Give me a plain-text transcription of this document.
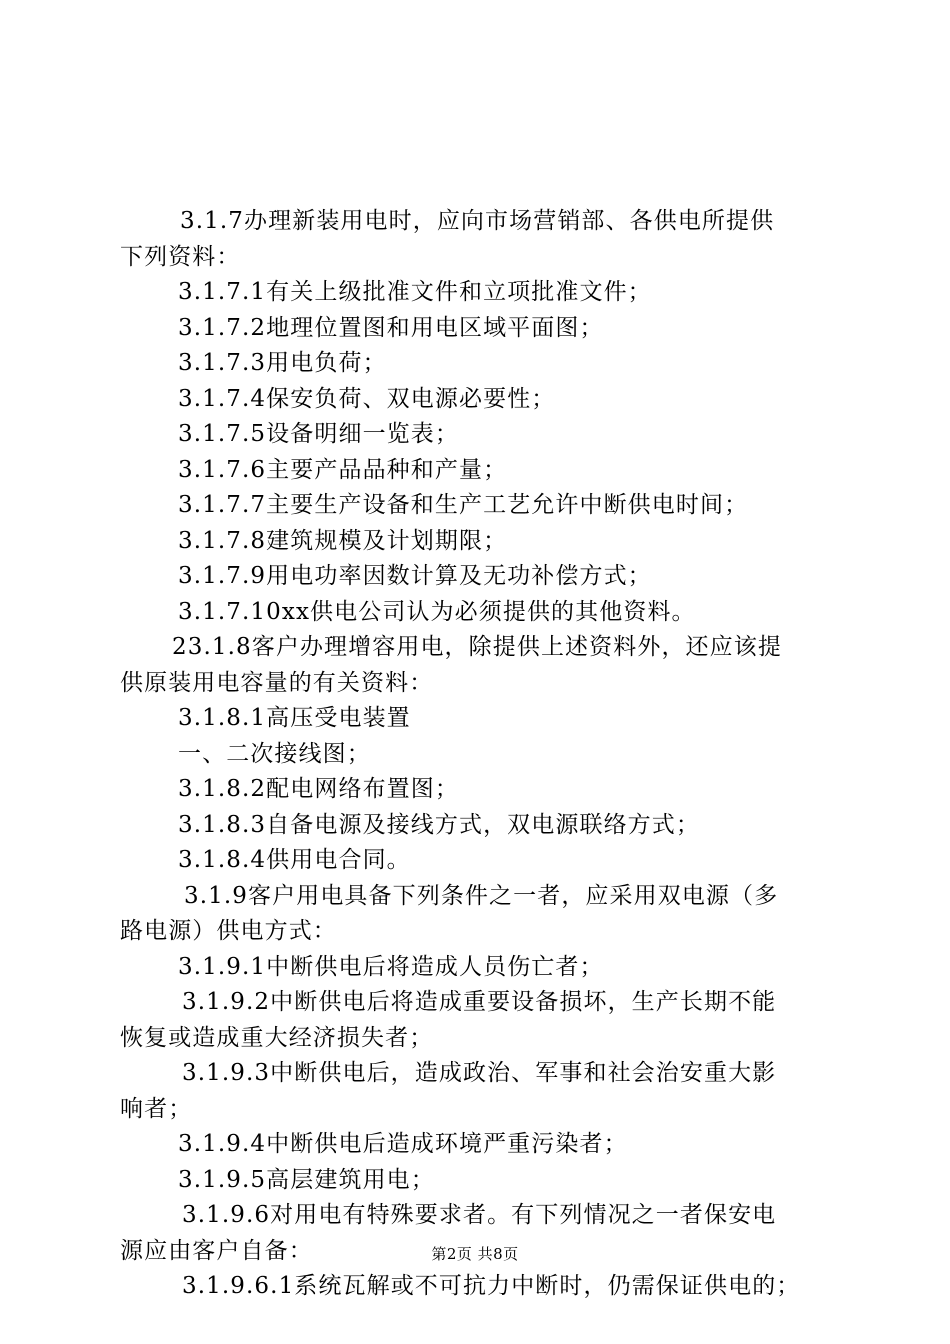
3.1.7办理新装用电时，应向市场营销部、各供电所提供
下列资料：
3.1.7.1有关上级批准文件和立项批准文件；
3.1.7.2地理位置图和用电区域平面图；
3.1.7.3用电负荷；
3.1.7.4保安负荷、双电源必要性；
3.1.7.5设备明细一览表；
3.1.7.6主要产品品种和产量；
3.1.7.7主要生产设备和生产工艺允许中断供电时间；
3.1.7.8建筑规模及计划期限；
3.1.7.9用电功率因数计算及无功补偿方式；
3.1.7.10xx供电公司认为必须提供的其他资料。
23.1.8客户办理增容用电，除提供上述资料外，还应该提
供原装用电容量的有关资料：
3.1.8.1高压受电装置
一、二次接线图；
3.1.8.2配电网络布置图；
3.1.8.3自备电源及接线方式，双电源联络方式；
3.1.8.4供用电合同。
3.1.9客户用电具备下列条件之一者，应采用双电源（多
路电源）供电方式：
3.1.9.1中断供电后将造成人员伤亡者；
3.1.9.2中断供电后将造成重要设备损坏，生产长期不能
恢复或造成重大经济损失者；
3.1.9.3中断供电后，造成政治、军事和社会治安重大影
响者；
3.1.9.4中断供电后造成环境严重污染者；
3.1.9.5高层建筑用电；
3.1.9.6对用电有特殊要求者。有下列情况之一者保安电
源应由客户自备：
3.1.9.6.1系统瓦解或不可抗力中断时，仍需保证供电的；
第2页 共8页
